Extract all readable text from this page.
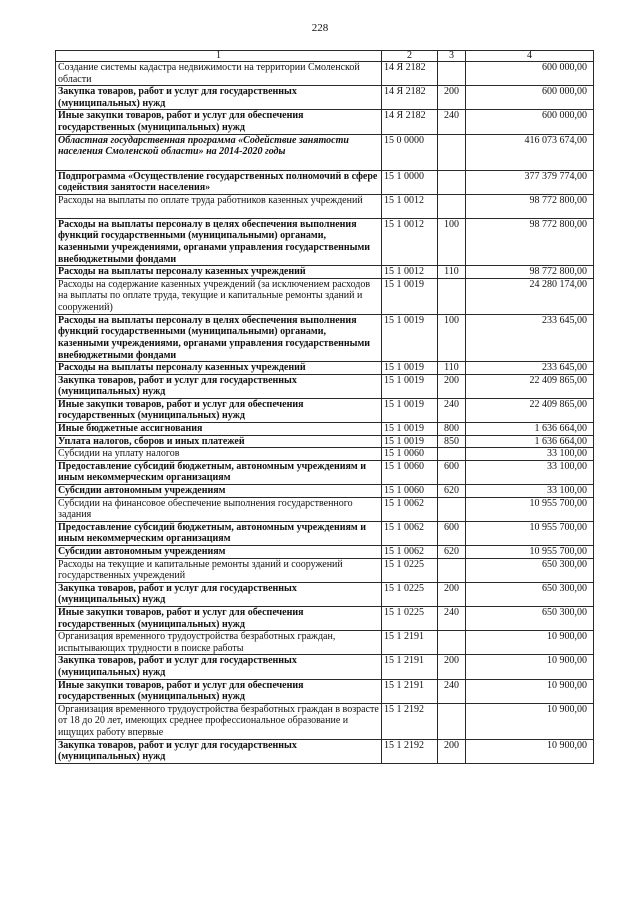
228
1	2	3	4
Создание системы кадастра недвижимости на территории Смоленской области	14 Я 2182		600 000,00
Закупка товаров, работ и услуг для государственных (муниципальных) нужд	14 Я 2182	200	600 000,00
Иные закупки товаров, работ и услуг для обеспечения государственных (муниципальных) нужд	14 Я 2182	240	600 000,00
Областная государственная программа «Содействие занятости населения Смоленской области» на 2014-2020 годы	15 0 0000		416 073 674,00
Подпрограмма «Осуществление государственных полномочий в сфере содействия занятости населения»	15 1 0000		377 379 774,00
Расходы на выплаты по оплате труда работников казенных учреждений	15 1 0012		98 772 800,00
Расходы на выплаты персоналу в целях обеспечения выполнения функций государственными (муниципальными) органами, казенными учреждениями, органами управления государственными внебюджетными фондами	15 1 0012	100	98 772 800,00
Расходы на выплаты персоналу казенных учреждений	15 1 0012	110	98 772 800,00
Расходы на содержание казенных учреждений (за исключением расходов на выплаты по оплате труда, текущие и капитальные ремонты зданий и сооружений)	15 1 0019		24 280 174,00
Расходы на выплаты персоналу в целях обеспечения выполнения функций государственными (муниципальными) органами, казенными учреждениями, органами управления государственными внебюджетными фондами	15 1 0019	100	233 645,00
Расходы на выплаты персоналу казенных учреждений	15 1 0019	110	233 645,00
Закупка товаров, работ и услуг для государственных (муниципальных) нужд	15 1 0019	200	22 409 865,00
Иные закупки товаров, работ и услуг для обеспечения государственных (муниципальных) нужд	15 1 0019	240	22 409 865,00
Иные бюджетные ассигнования	15 1 0019	800	1 636 664,00
Уплата налогов, сборов и иных платежей	15 1 0019	850	1 636 664,00
Субсидии на уплату налогов	15 1 0060		33 100,00
Предоставление субсидий бюджетным, автономным учреждениям и иным некоммерческим организациям	15 1 0060	600	33 100,00
Субсидии автономным учреждениям	15 1 0060	620	33 100,00
Субсидии на финансовое обеспечение выполнения государственного задания	15 1 0062		10 955 700,00
Предоставление субсидий бюджетным, автономным учреждениям и иным некоммерческим организациям	15 1 0062	600	10 955 700,00
Субсидии автономным учреждениям	15 1 0062	620	10 955 700,00
Расходы на текущие и капитальные ремонты зданий и сооружений государственных учреждений	15 1 0225		650 300,00
Закупка товаров, работ и услуг для государственных (муниципальных) нужд	15 1 0225	200	650 300,00
Иные закупки товаров, работ и услуг для обеспечения государственных (муниципальных) нужд	15 1 0225	240	650 300,00
Организация временного трудоустройства безработных граждан, испытывающих трудности в поиске работы	15 1 2191		10 900,00
Закупка товаров, работ и услуг для государственных (муниципальных) нужд	15 1 2191	200	10 900,00
Иные закупки товаров, работ и услуг для обеспечения государственных (муниципальных) нужд	15 1 2191	240	10 900,00
Организация временного трудоустройства безработных граждан в возрасте от 18 до 20 лет, имеющих среднее профессиональное образование и ищущих работу впервые	15 1 2192		10 900,00
Закупка товаров, работ и услуг для государственных (муниципальных) нужд	15 1 2192	200	10 900,00
